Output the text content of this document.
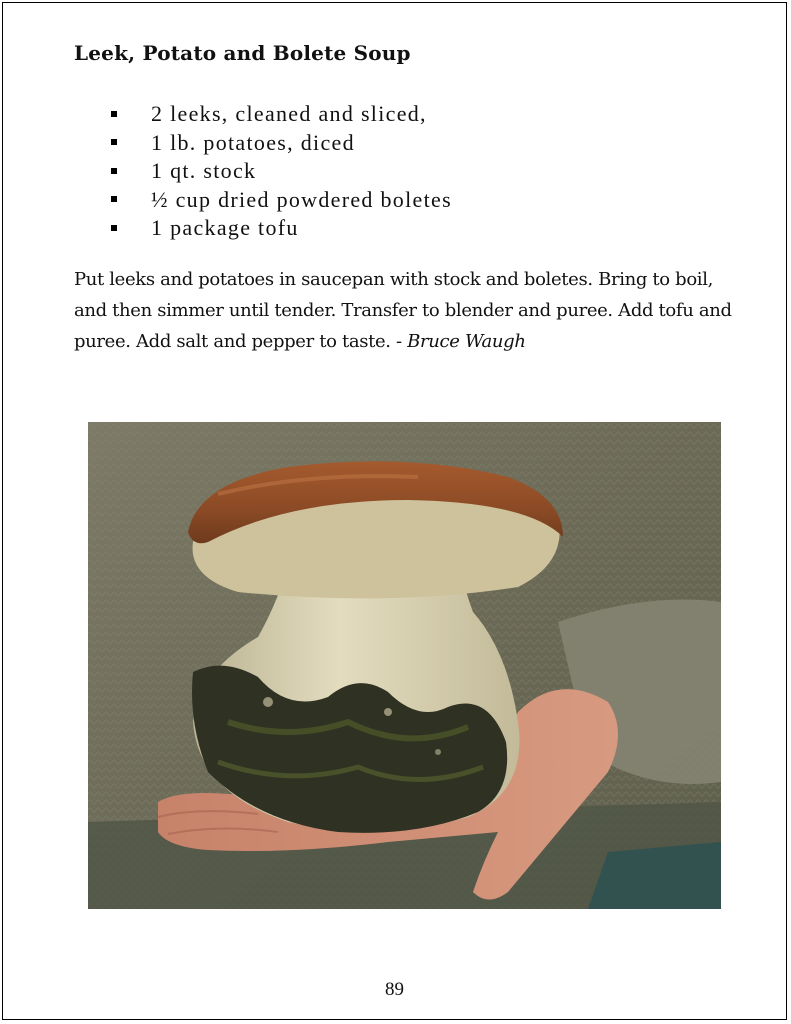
Leek, Potato and Bolete Soup
2 leeks, cleaned and sliced,
1 lb. potatoes, diced
1 qt. stock
½ cup dried powdered boletes
1 package tofu

Put leeks and potatoes in saucepan with stock and boletes. Bring to boil, and then simmer until tender. Transfer to blender and puree. Add tofu and puree. Add salt and pepper to taste. - Bruce Waugh

89
